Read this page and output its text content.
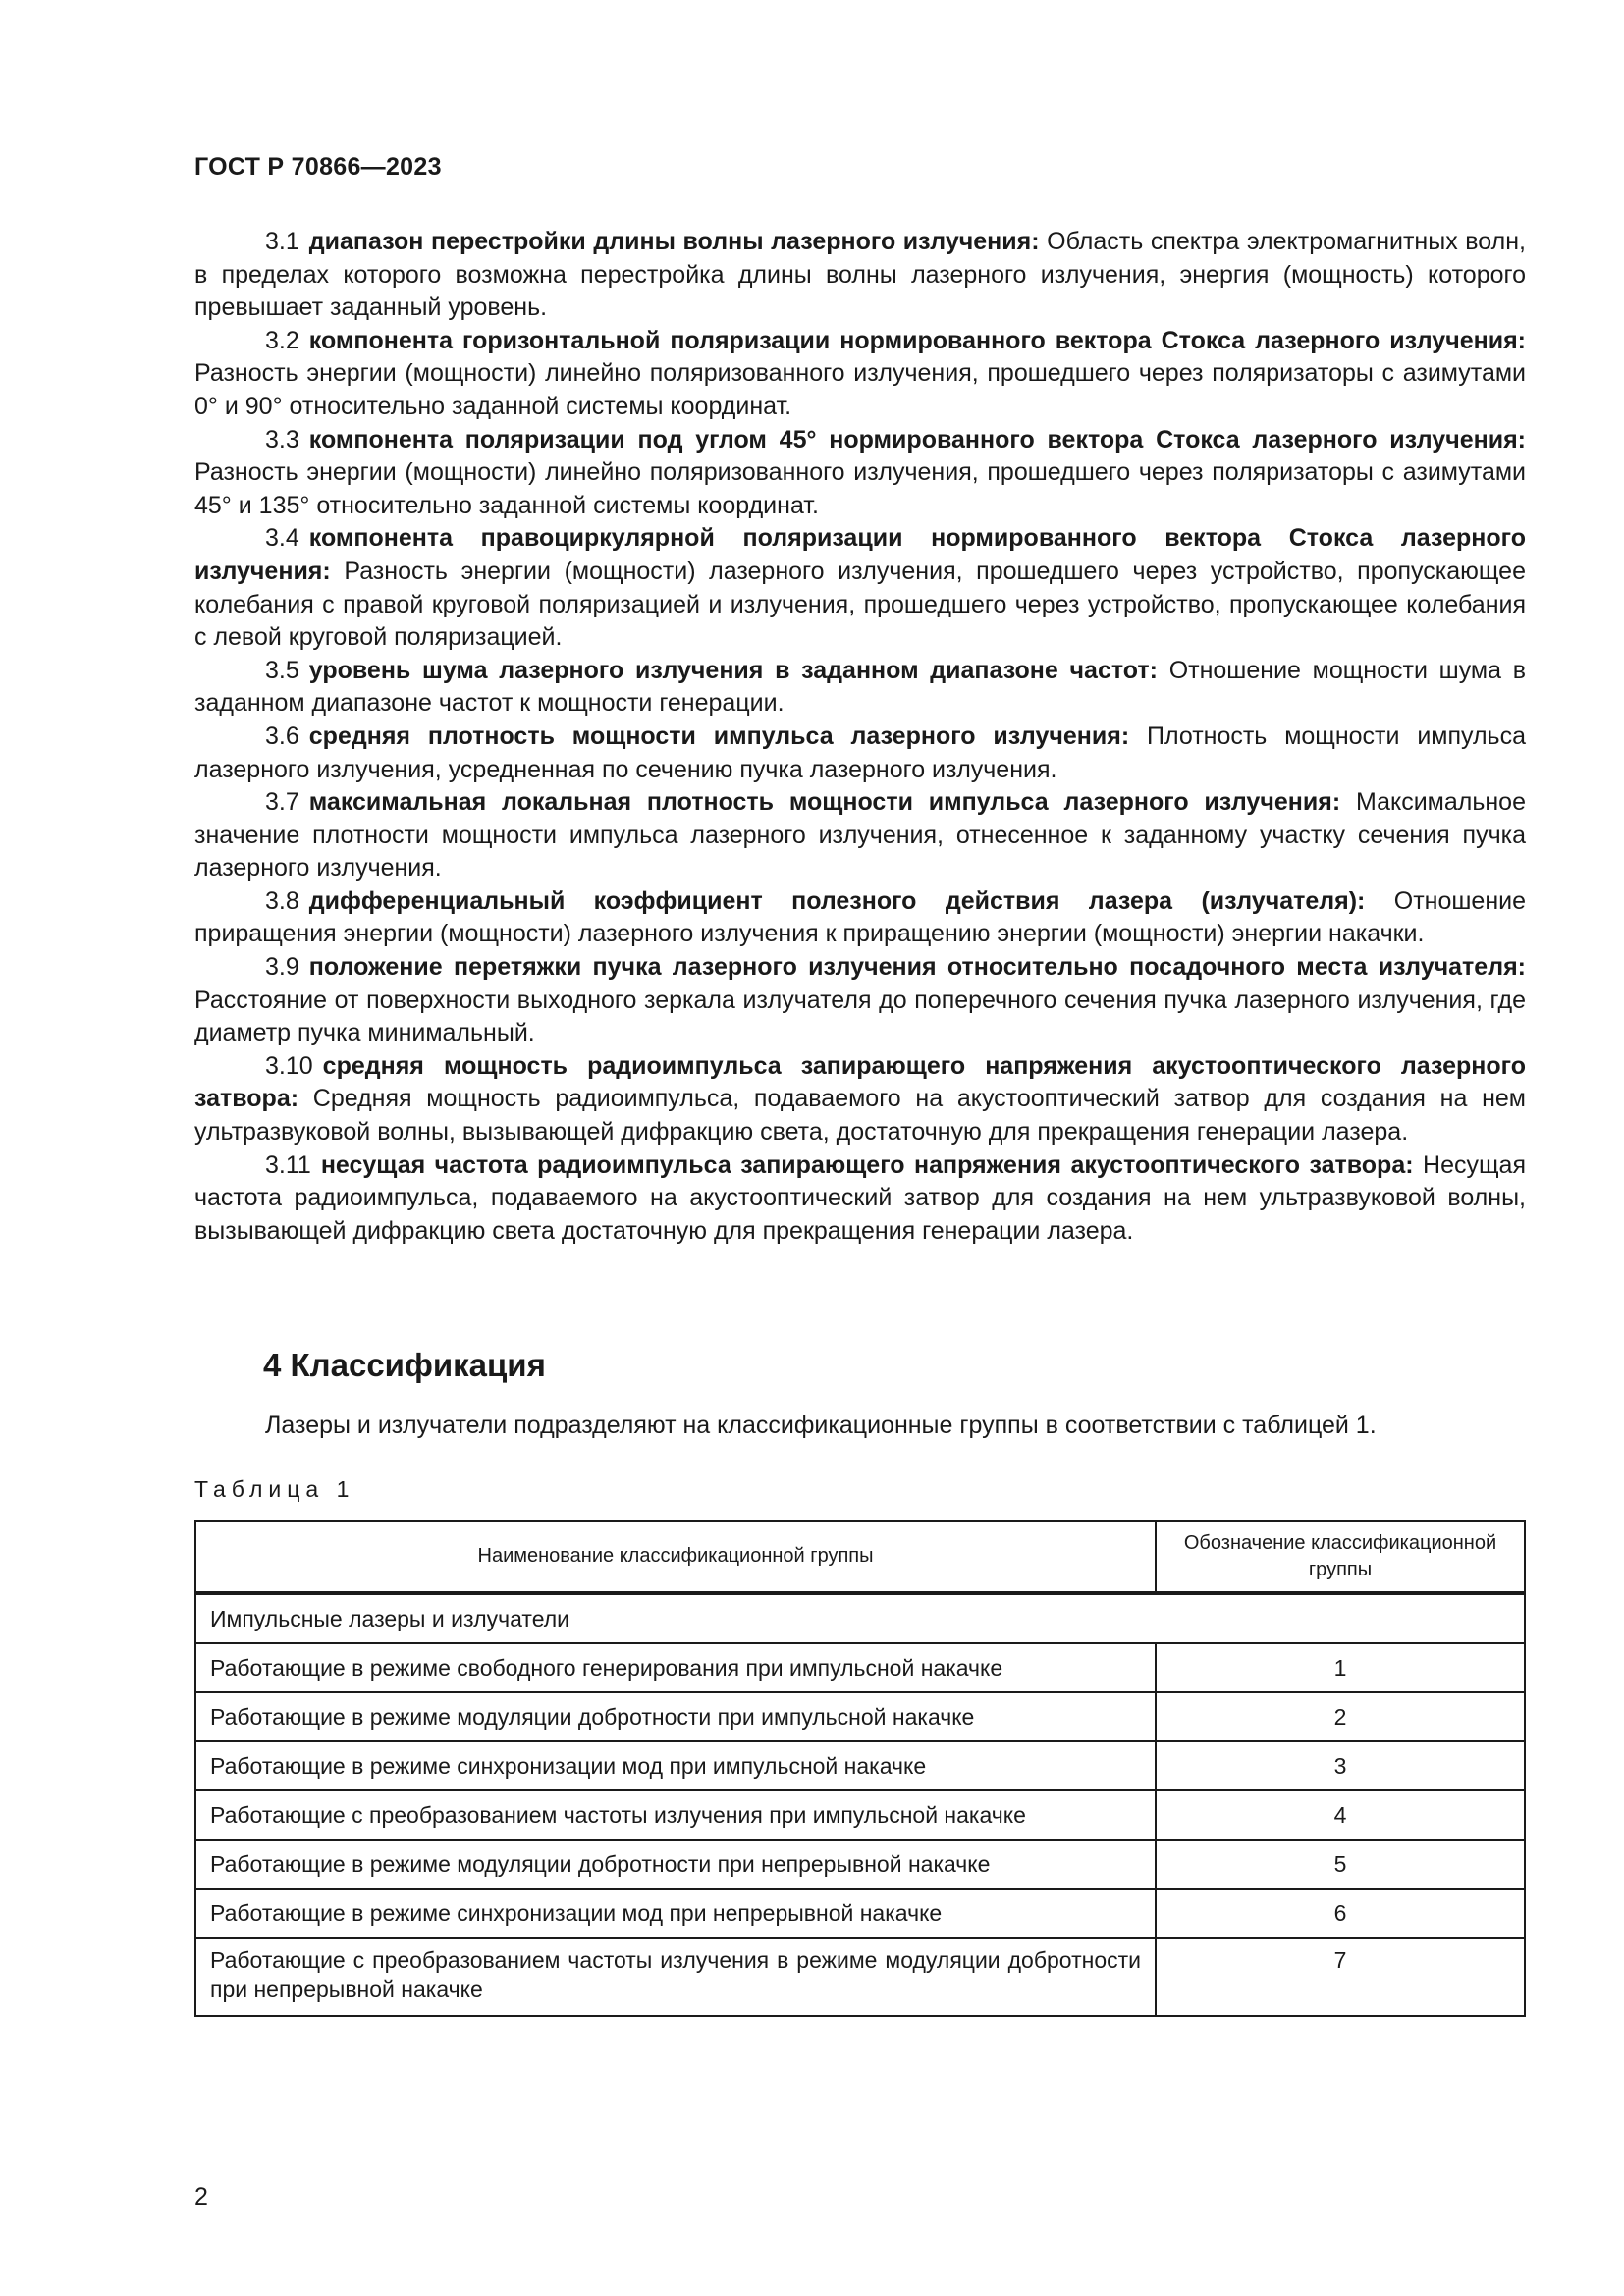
ГОСТ Р 70866—2023

3.1 диапазон перестройки длины волны лазерного излучения: Область спектра электромагнитных волн, в пределах которого возможна перестройка длины волны лазерного излучения, энергия (мощность) которого превышает заданный уровень.

3.2 компонента горизонтальной поляризации нормированного вектора Стокса лазерного излучения: Разность энергии (мощности) линейно поляризованного излучения, прошедшего через поляризаторы с азимутами 0° и 90° относительно заданной системы координат.

3.3 компонента поляризации под углом 45° нормированного вектора Стокса лазерного излучения: Разность энергии (мощности) линейно поляризованного излучения, прошедшего через поляризаторы с азимутами 45° и 135° относительно заданной системы координат.

3.4 компонента правоциркулярной поляризации нормированного вектора Стокса лазерного излучения: Разность энергии (мощности) лазерного излучения, прошедшего через устройство, пропускающее колебания с правой круговой поляризацией и излучения, прошедшего через устройство, пропускающее колебания с левой круговой поляризацией.

3.5 уровень шума лазерного излучения в заданном диапазоне частот: Отношение мощности шума в заданном диапазоне частот к мощности генерации.

3.6 средняя плотность мощности импульса лазерного излучения: Плотность мощности импульса лазерного излучения, усредненная по сечению пучка лазерного излучения.

3.7 максимальная локальная плотность мощности импульса лазерного излучения: Максимальное значение плотности мощности импульса лазерного излучения, отнесенное к заданному участку сечения пучка лазерного излучения.

3.8 дифференциальный коэффициент полезного действия лазера (излучателя): Отношение приращения энергии (мощности) лазерного излучения к приращению энергии (мощности) энергии накачки.

3.9 положение перетяжки пучка лазерного излучения относительно посадочного места излучателя: Расстояние от поверхности выходного зеркала излучателя до поперечного сечения пучка лазерного излучения, где диаметр пучка минимальный.

3.10 средняя мощность радиоимпульса запирающего напряжения акустооптического лазерного затвора: Средняя мощность радиоимпульса, подаваемого на акустооптический затвор для создания на нем ультразвуковой волны, вызывающей дифракцию света, достаточную для прекращения генерации лазера.

3.11 несущая частота радиоимпульса запирающего напряжения акустооптического затвора: Несущая частота радиоимпульса, подаваемого на акустооптический затвор для создания на нем ультразвуковой волны, вызывающей дифракцию света достаточную для прекращения генерации лазера.

4 Классификация

Лазеры и излучатели подразделяют на классификационные группы в соответствии с таблицей 1.

Таблица 1

Наименование классификационной группы	Обозначение классификационной группы
Импульсные лазеры и излучатели	
Работающие в режиме свободного генерирования при импульсной накачке	1
Работающие в режиме модуляции добротности при импульсной накачке	2
Работающие в режиме синхронизации мод при импульсной накачке	3
Работающие с преобразованием частоты излучения при импульсной накачке	4
Работающие в режиме модуляции добротности при непрерывной накачке	5
Работающие в режиме синхронизации мод при непрерывной накачке	6
Работающие с преобразованием частоты излучения в режиме модуляции добротности при непрерывной накачке	7

2
